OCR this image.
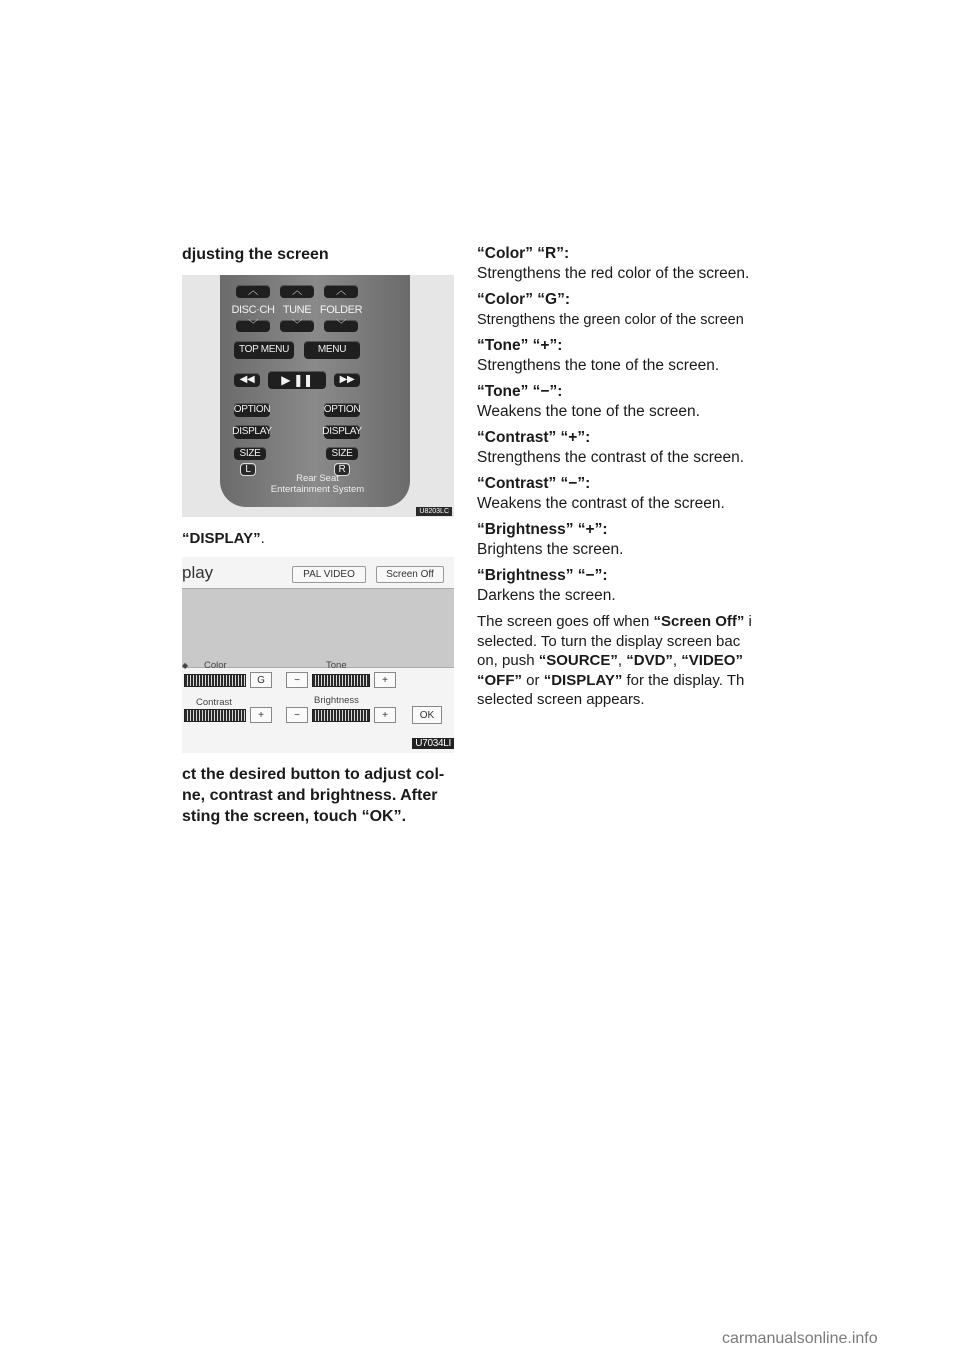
djusting the screen
︿	︿	︿
DISC·CH TUNE FOLDER
﹀	﹀	﹀
TOP MENU	MENU
◀◀ ▶ ❚❚	▶▶
OPTION	OPTION
DISPLAY	DISPLAY
SIZE	SIZE
L	R
Rear Seat
Entertainment System
U8203LC
“DISPLAY”.
play	PAL VIDEO	Screen Off
◆ Color	Tone
G	−	+
Contrast	Brightness
+	−	+	OK
U7034LI
ct the desired button to adjust col-
ne, contrast and brightness. After
sting the screen, touch “OK”.
“Color” “R”:
Strengthens the red color of the screen.
“Color” “G”:
Strengthens the green color of the screen
“Tone” “+”:
Strengthens the tone of the screen.
“Tone” “−”:
Weakens the tone of the screen.
“Contrast” “+”:
Strengthens the contrast of the screen.
“Contrast” “−”:
Weakens the contrast of the screen.
“Brightness” “+”:
Brightens the screen.
“Brightness” “−”:
Darkens the screen.
The screen goes off when “Screen Off” i
selected. To turn the display screen bac
on, push “SOURCE”, “DVD”, “VIDEO”
“OFF” or “DISPLAY” for the display. Th
selected screen appears.
carmanualsonline.info
